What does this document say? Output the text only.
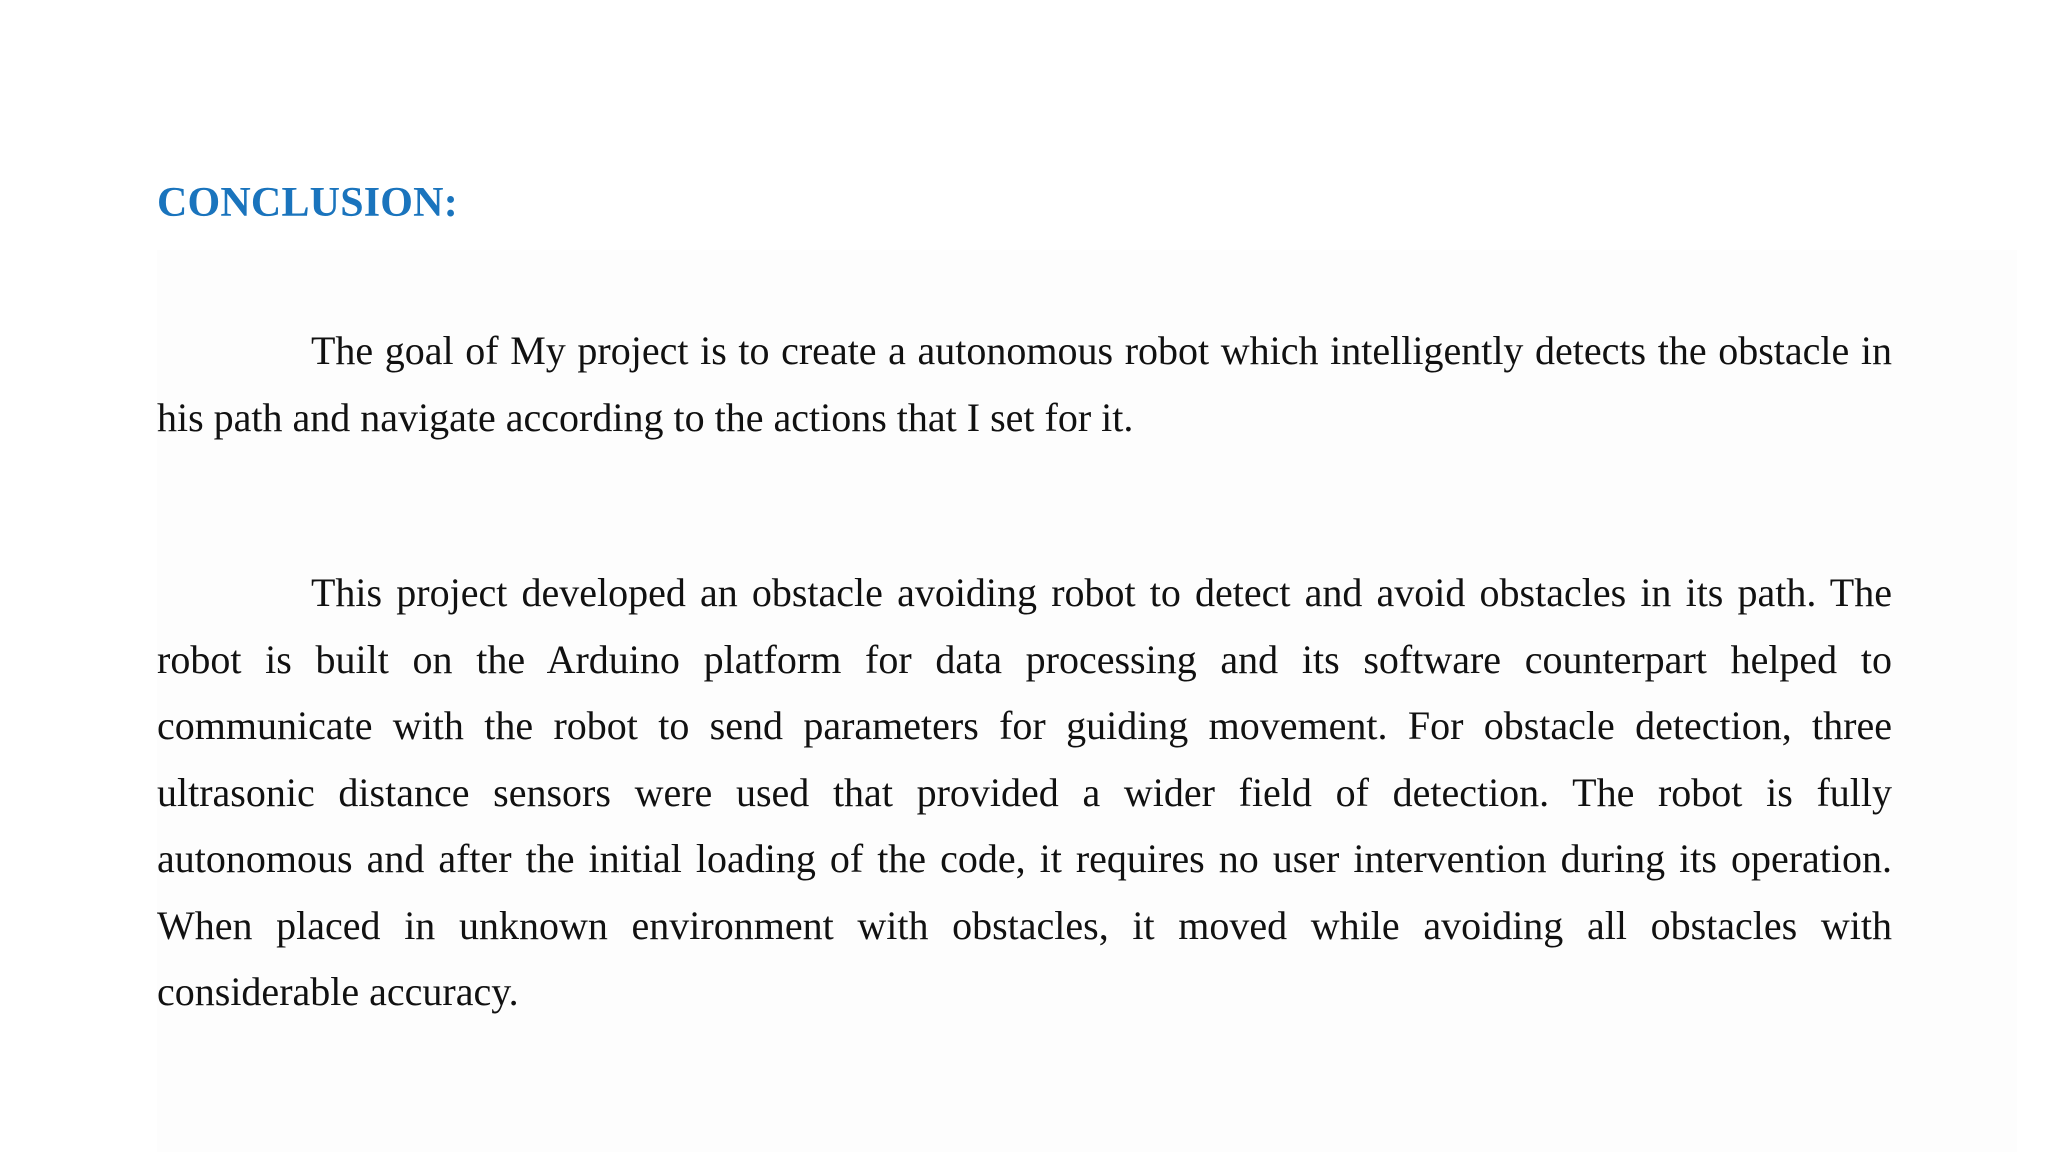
CONCLUSION:

The goal of My project is to create a autonomous robot which intelligently detects the obstacle in his path and navigate according to the actions that I set for it.

This project developed an obstacle avoiding robot to detect and avoid obstacles in its path. The robot is built on the Arduino platform for data processing and its software counterpart helped to communicate with the robot to send parameters for guiding movement. For obstacle detection, three ultrasonic distance sensors were used that provided a wider field of detection. The robot is fully autonomous and after the initial loading of the code, it requires no user intervention during its operation. When placed in unknown environment with obstacles, it moved while avoiding all obstacles with considerable accuracy.
